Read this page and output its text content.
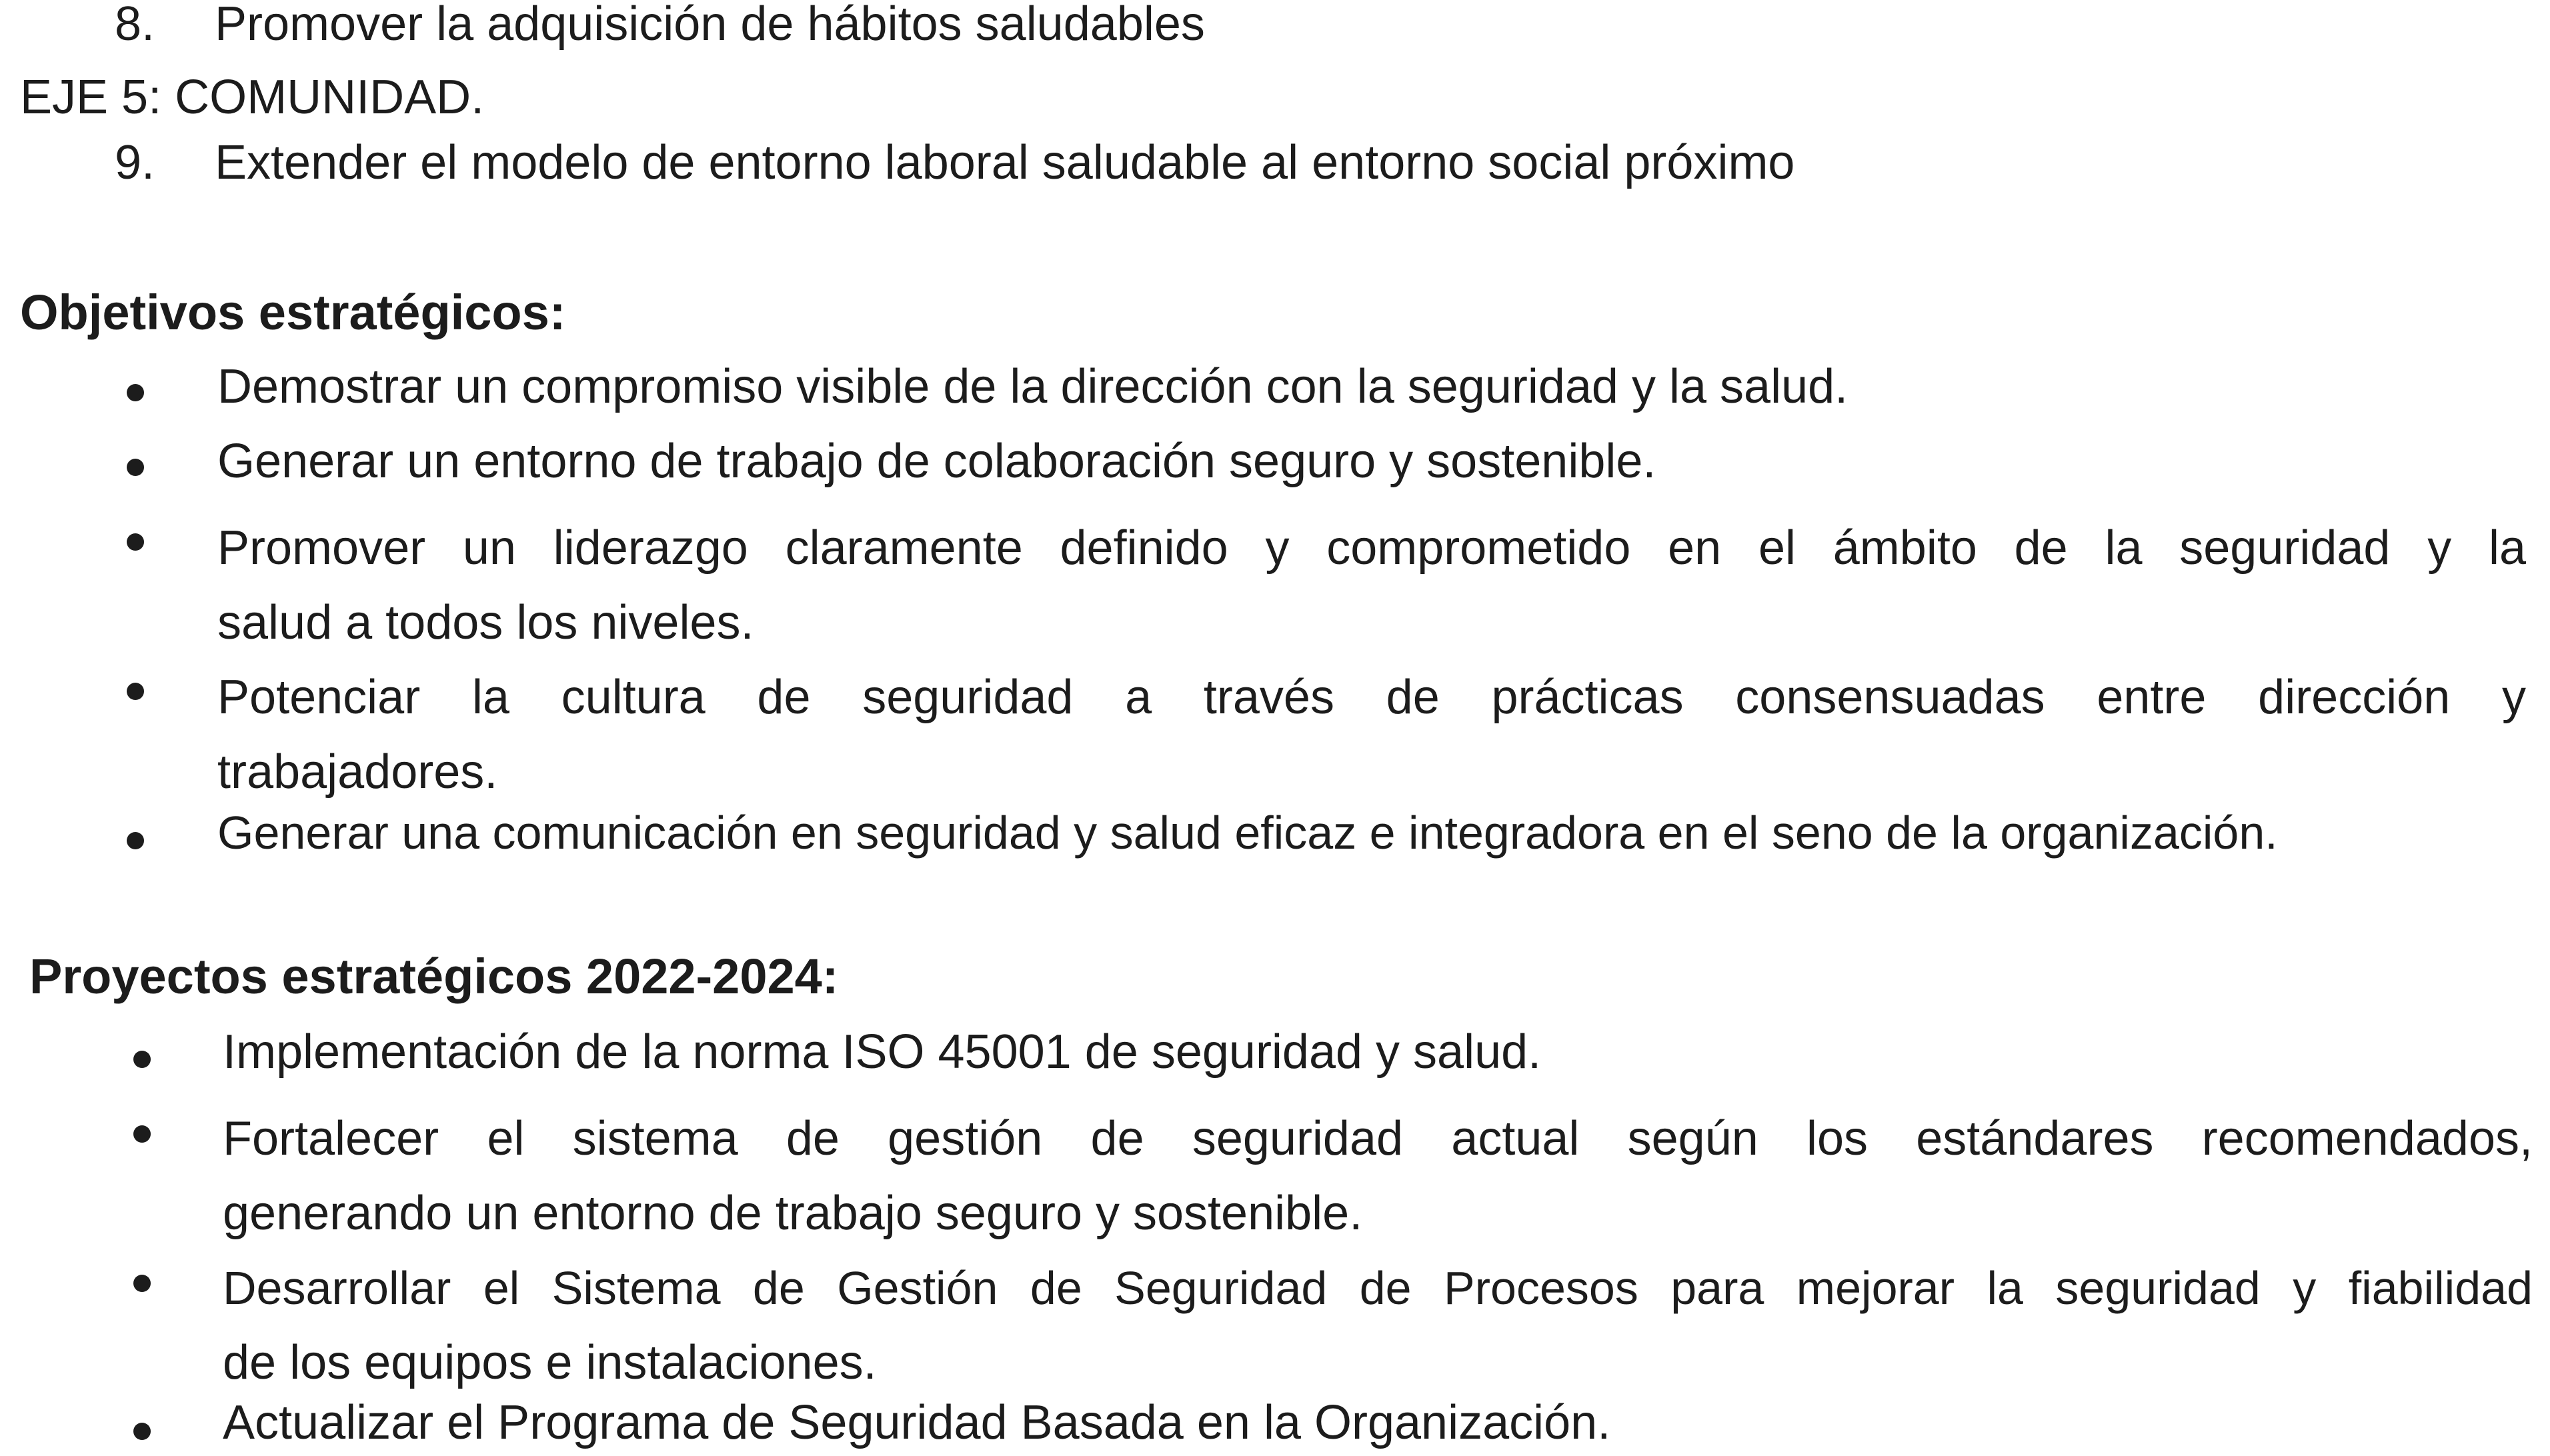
8. Promover la adquisición de hábitos saludables
EJE 5: COMUNIDAD.
9. Extender el modelo de entorno laboral saludable al entorno social próximo
Objetivos estratégicos:
Demostrar un compromiso visible de la dirección con la seguridad y la salud.
Generar un entorno de trabajo de colaboración seguro y sostenible.
Promover un liderazgo claramente definido y comprometido en el ámbito de la seguridad y la
salud a todos los niveles.
Potenciar la cultura de seguridad a través de prácticas consensuadas entre dirección y
trabajadores.
Generar una comunicación en seguridad y salud eficaz e integradora en el seno de la organización.
Proyectos estratégicos 2022-2024:
Implementación de la norma ISO 45001 de seguridad y salud.
Fortalecer el sistema de gestión de seguridad actual según los estándares recomendados,
generando un entorno de trabajo seguro y sostenible.
Desarrollar el Sistema de Gestión de Seguridad de Procesos para mejorar la seguridad y fiabilidad
de los equipos e instalaciones.
Actualizar el Programa de Seguridad Basada en la Organización.
